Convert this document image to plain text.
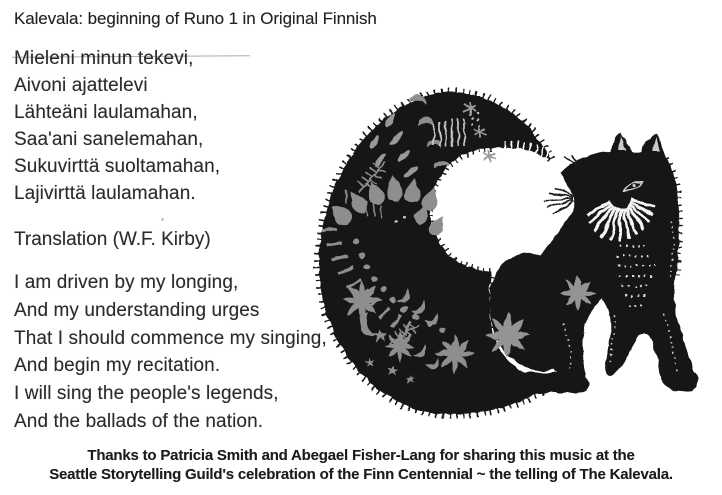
Kalevala: beginning of Runo 1 in Original Finnish
Mieleni minun tekevi,
Aivoni ajattelevi
Lähteäni laulamahan,
Saa'ani sanelemahan,
Sukuvirttä suoltamahan,
Lajivirttä laulamahan.
Translation (W.F. Kirby)
I am driven by my longing,
And my understanding urges
That I should commence my singing,
And begin my recitation.
I will sing the people's legends,
And the ballads of the nation.
Thanks to Patricia Smith and Abegael Fisher-Lang for sharing this music at the
Seattle Storytelling Guild's celebration of the Finn Centennial ~ the telling of The Kalevala.
